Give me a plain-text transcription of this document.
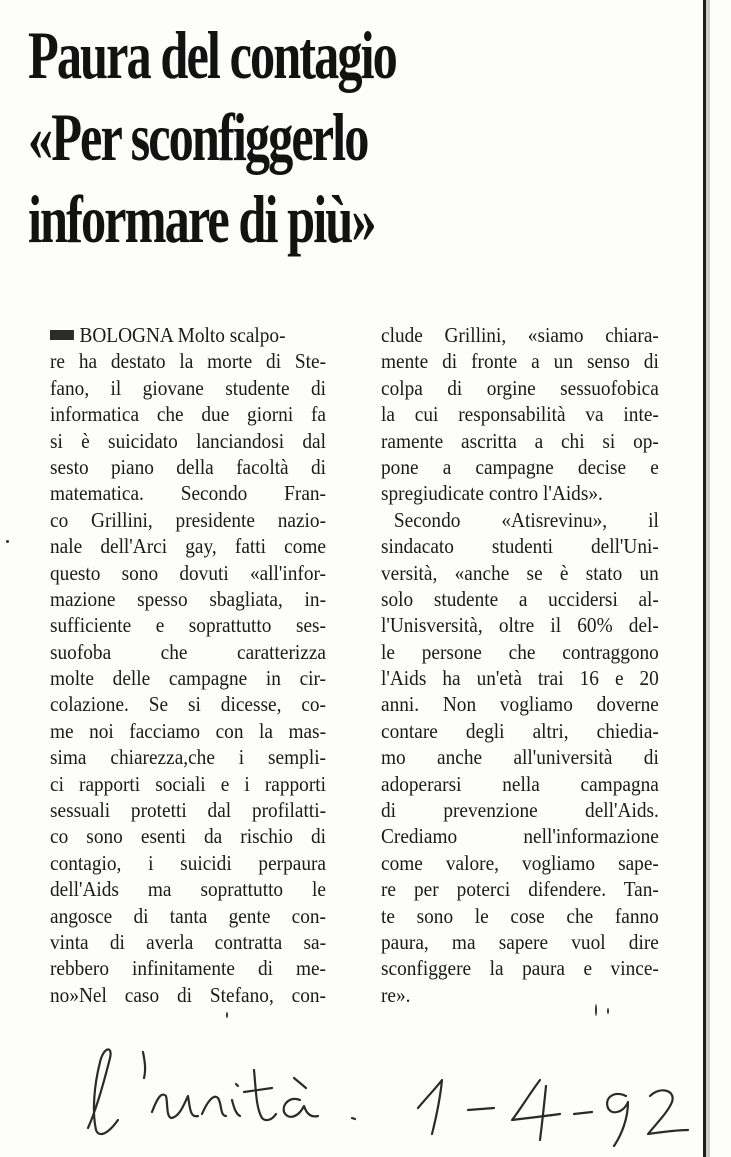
Paura del contagio
«Per sconfiggerlo
informare di più»
BOLOGNA Molto scalpo-
re ha destato la morte di Ste-
fano, il giovane studente di
informatica che due giorni fa
si è suicidato lanciandosi dal
sesto piano della facoltà di
matematica. Secondo Fran-
co Grillini, presidente nazio-
nale dell'Arci gay, fatti come
questo sono dovuti «all'infor-
mazione spesso sbagliata, in-
sufficiente e soprattutto ses-
suofoba che caratterizza
molte delle campagne in cir-
colazione. Se si dicesse, co-
me noi facciamo con la mas-
sima chiarezza,che i sempli-
ci rapporti sociali e i rapporti
sessuali protetti dal profilatti-
co sono esenti da rischio di
contagio, i suicidi perpaura
dell'Aids ma soprattutto le
angosce di tanta gente con-
vinta di averla contratta sa-
rebbero infinitamente di me-
no»Nel caso di Stefano, con-
clude Grillini, «siamo chiara-
mente di fronte a un senso di
colpa di orgine sessuofobica
la cui responsabilità va inte-
ramente ascritta a chi si op-
pone a campagne decise e
spregiudicate contro l'Aids».
Secondo «Atisrevinu», il
sindacato studenti dell'Uni-
versità, «anche se è stato un
solo studente a uccidersi al-
l'Unisversità, oltre il 60% del-
le persone che contraggono
l'Aids ha un'età trai 16 e 20
anni. Non vogliamo doverne
contare degli altri, chiedia-
mo anche all'università di
adoperarsi nella campagna
di prevenzione dell'Aids.
Crediamo nell'informazione
come valore, vogliamo sape-
re per poterci difendere. Tan-
te sono le cose che fanno
paura, ma sapere vuol dire
sconfiggere la paura e vince-
re».
